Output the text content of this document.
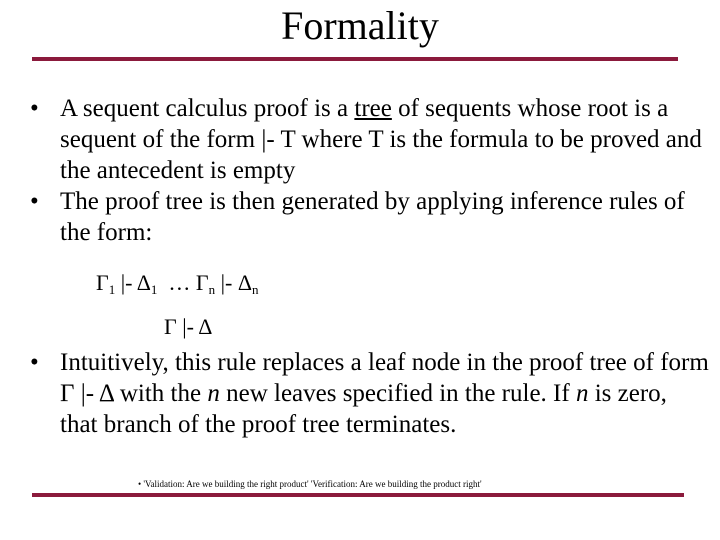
Formality
• A sequent calculus proof is a tree of sequents whose root is a sequent of the form |- T where T is the formula to be proved and the antecedent is empty
• The proof tree is then generated by applying inference rules of the form:
$\Gamma_1$ |- $\Delta_1$ … $\Gamma_n$ |- $\Delta_n$
Γ |- Δ
• Intuitively, this rule replaces a leaf node in the proof tree of form Γ |- Δ with the n new leaves specified in the rule. If n is zero, that branch of the proof tree terminates.
• 'Validation: Are we building the right product' 'Verification: Are we building the product right'
